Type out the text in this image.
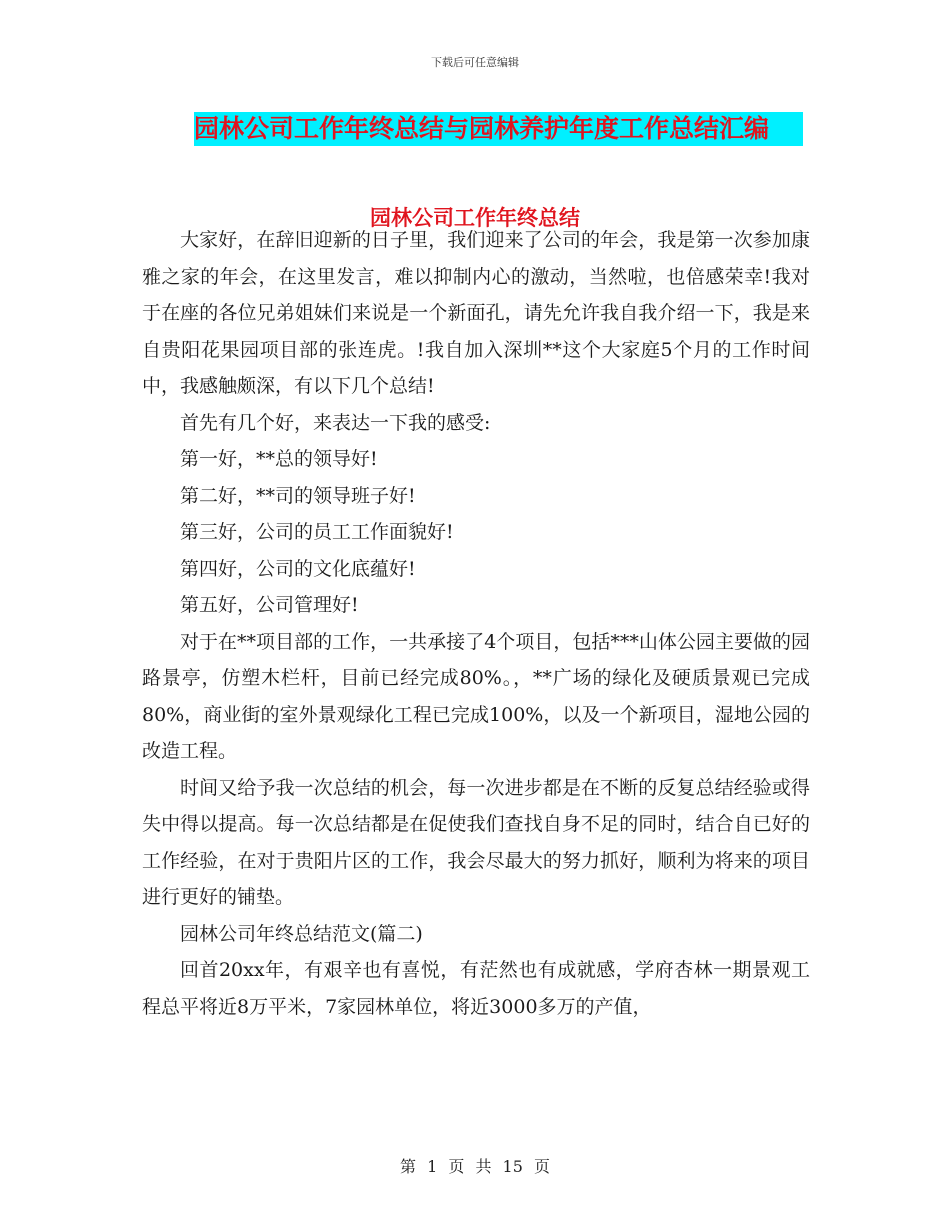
下载后可任意编辑
园林公司工作年终总结与园林养护年度工作总结汇编
园林公司工作年终总结

大家好，在辞旧迎新的日子里，我们迎来了公司的年会，我是第一次参加康雅之家的年会，在这里发言，难以抑制内心的激动，当然啦，也倍感荣幸!我对于在座的各位兄弟姐妹们来说是一个新面孔，请先允许我自我介绍一下，我是来自贵阳花果园项目部的张连虎。!我自加入深圳**这个大家庭5个月的工作时间中，我感触颇深，有以下几个总结!

首先有几个好，来表达一下我的感受:

第一好，**总的领导好!

第二好，**司的领导班子好!

第三好，公司的员工工作面貌好!

第四好，公司的文化底蕴好!

第五好，公司管理好!

对于在**项目部的工作，一共承接了4个项目，包括***山体公园主要做的园路景亭，仿塑木栏杆，目前已经完成80%。，**广场的绿化及硬质景观已完成80%，商业街的室外景观绿化工程已完成100%，以及一个新项目，湿地公园的改造工程。

时间又给予我一次总结的机会，每一次进步都是在不断的反复总结经验或得失中得以提高。每一次总结都是在促使我们查找自身不足的同时，结合自已好的工作经验，在对于贵阳片区的工作，我会尽最大的努力抓好，顺利为将来的项目进行更好的铺垫。

园林公司年终总结范文(篇二)

回首20xx年，有艰辛也有喜悦，有茫然也有成就感，学府杏林一期景观工程总平将近8万平米，7家园林单位，将近3000多万的产值，

第 1 页 共 15 页
